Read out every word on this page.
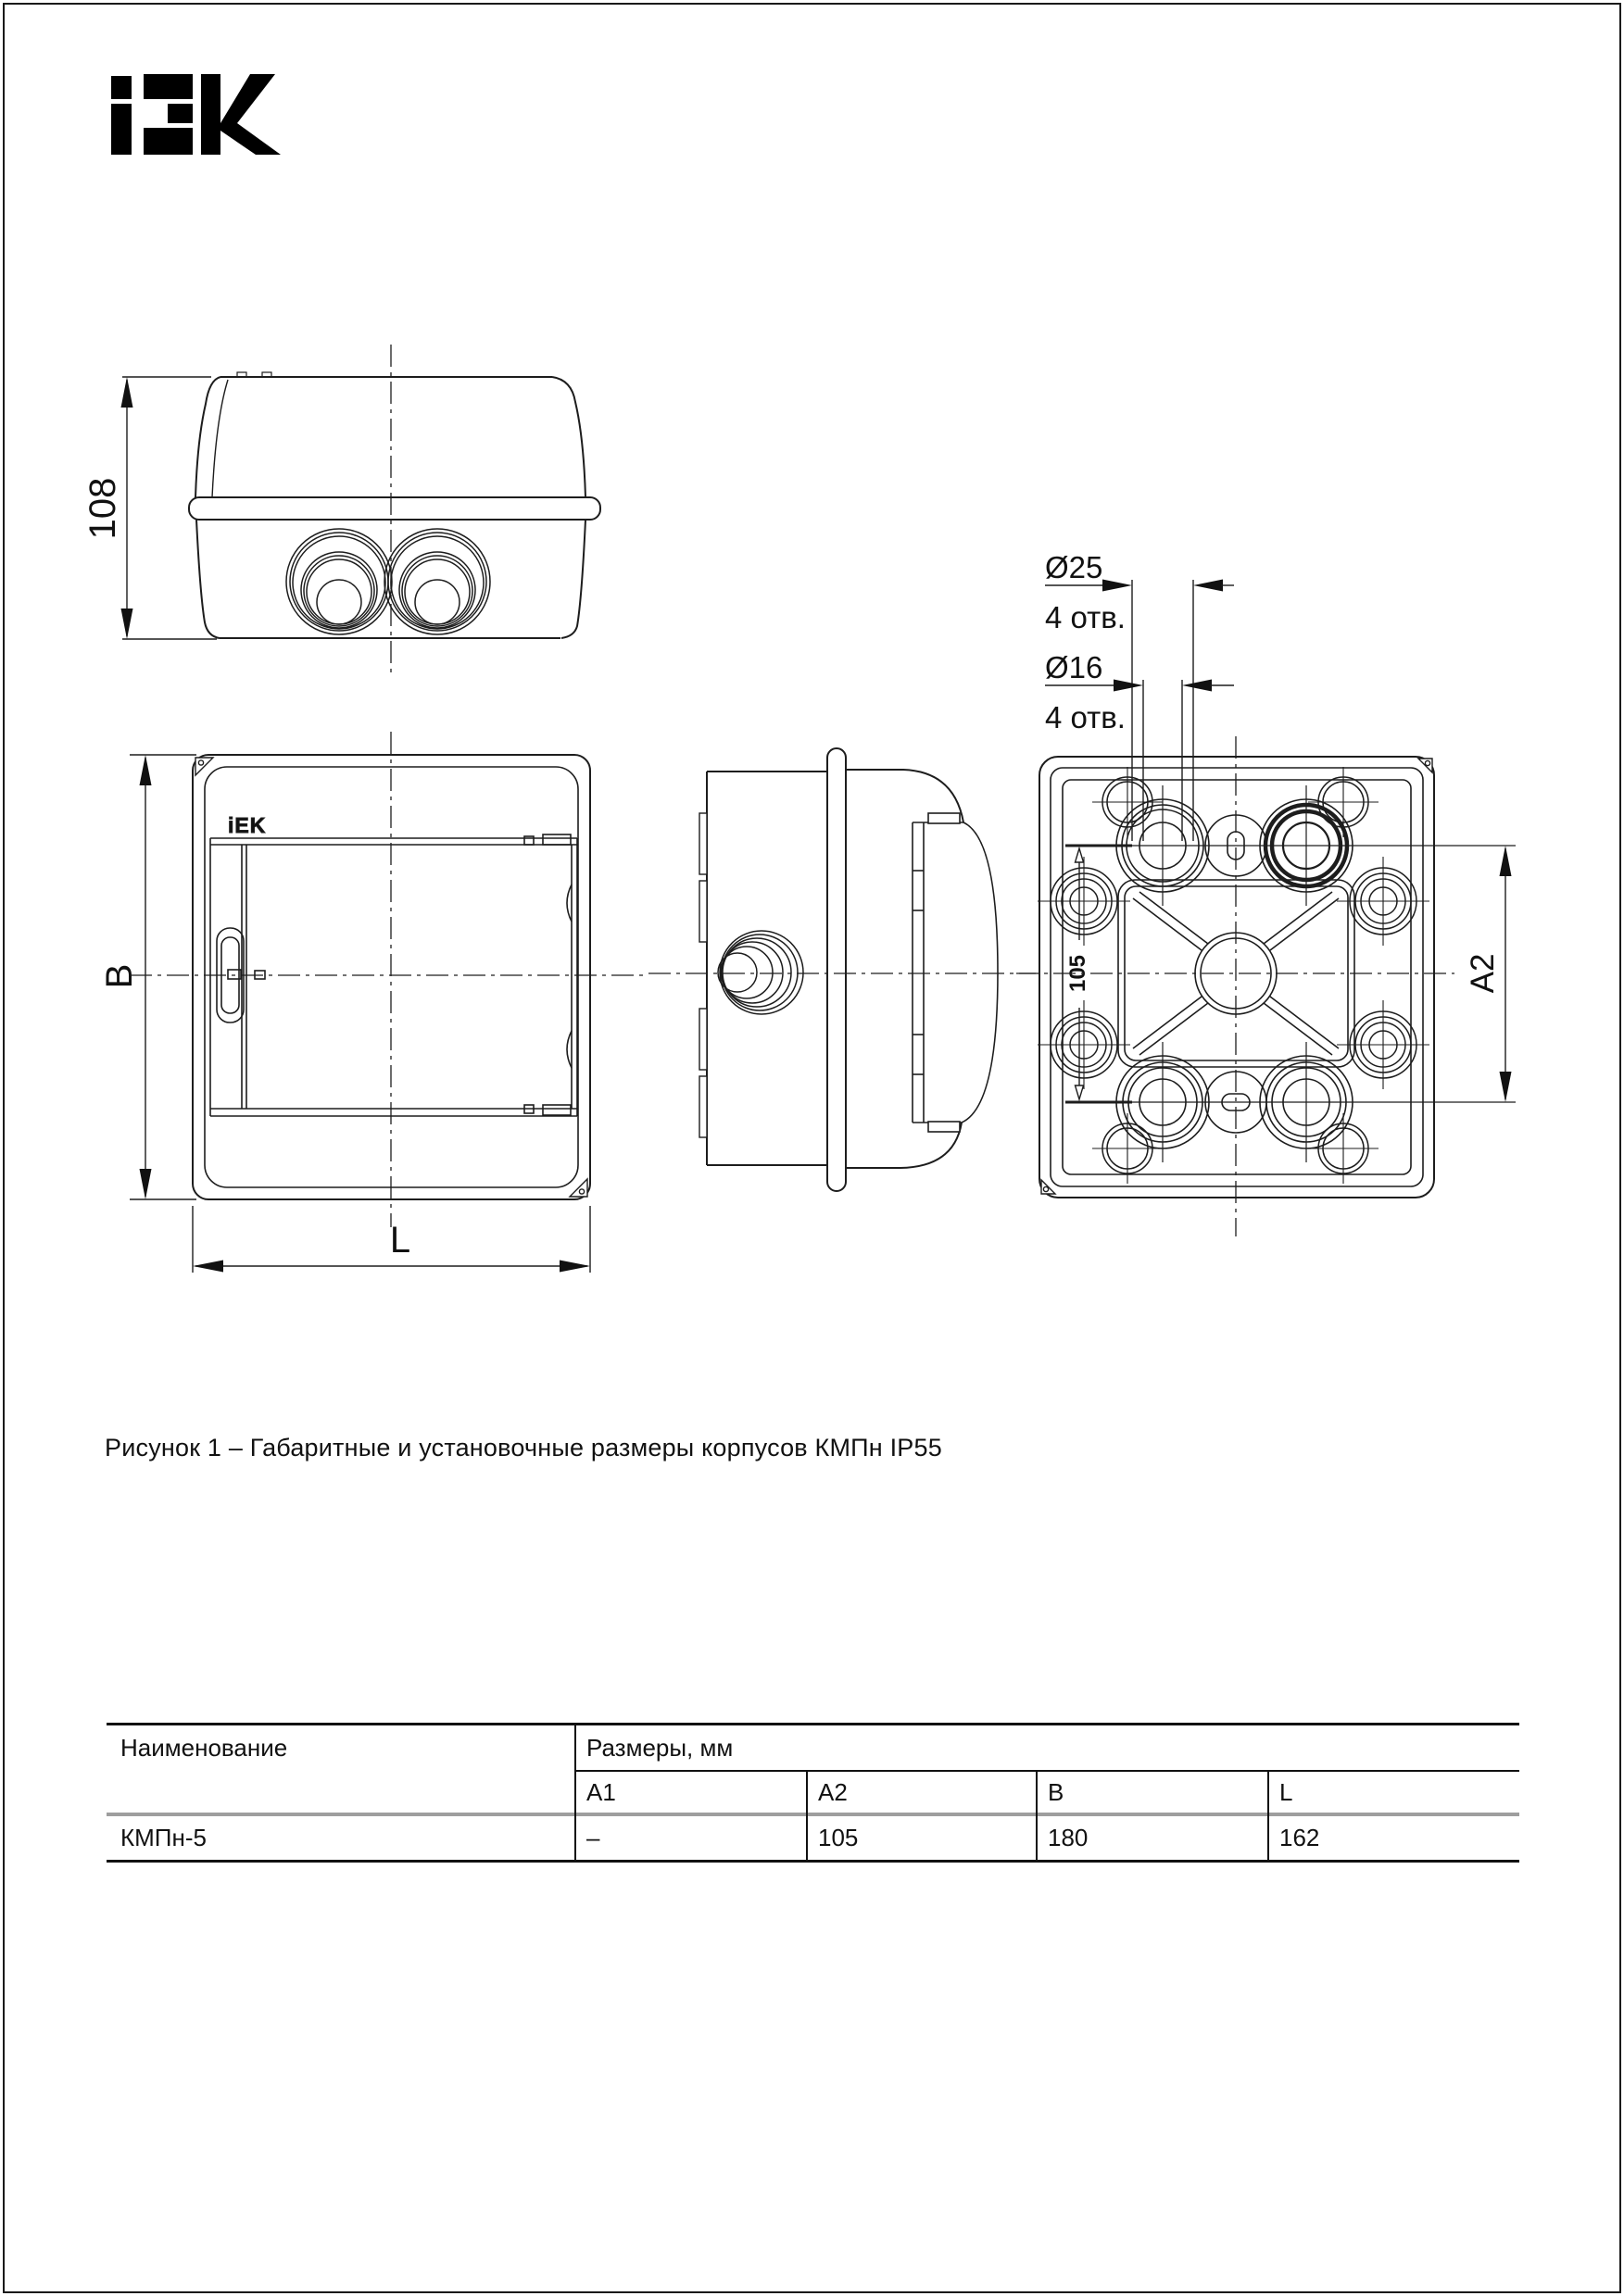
108
B
L
iEK
Ø25
4 отв.
Ø16
4 отв.
105	A2
Рисунок 1 – Габаритные и установочные размеры корпусов КМПн IP55
Наименование	Размеры, мм
A1	A2	B	L
КМПн-5	–	105	180	162
